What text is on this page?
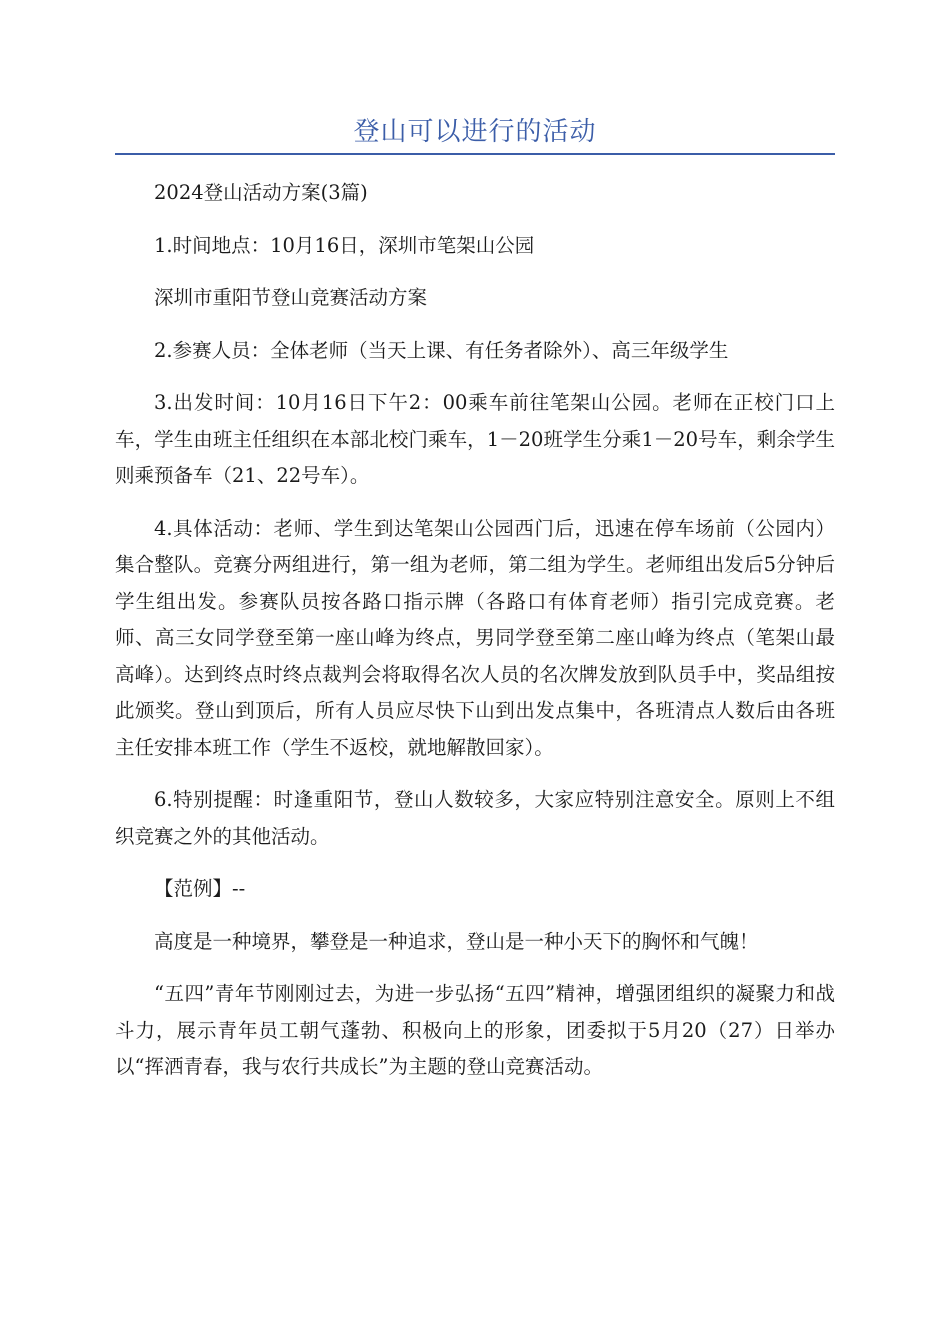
登山可以进行的活动

2024登山活动方案(3篇)

1.时间地点：10月16日，深圳市笔架山公园

深圳市重阳节登山竞赛活动方案

2.参赛人员：全体老师（当天上课、有任务者除外）、高三年级学生

3.出发时间：10月16日下午2：00乘车前往笔架山公园。老师在正校门口上车，学生由班主任组织在本部北校门乘车，1－20班学生分乘1－20号车，剩余学生则乘预备车（21、22号车）。

4.具体活动：老师、学生到达笔架山公园西门后，迅速在停车场前（公园内）集合整队。竞赛分两组进行，第一组为老师，第二组为学生。老师组出发后5分钟后学生组出发。参赛队员按各路口指示牌（各路口有体育老师）指引完成竞赛。老师、高三女同学登至第一座山峰为终点，男同学登至第二座山峰为终点（笔架山最高峰）。达到终点时终点裁判会将取得名次人员的名次牌发放到队员手中，奖品组按此颁奖。登山到顶后，所有人员应尽快下山到出发点集中，各班清点人数后由各班主任安排本班工作（学生不返校，就地解散回家）。

6.特别提醒：时逢重阳节，登山人数较多，大家应特别注意安全。原则上不组织竞赛之外的其他活动。

【范例】--

高度是一种境界，攀登是一种追求，登山是一种小天下的胸怀和气魄！

“五四”青年节刚刚过去，为进一步弘扬“五四”精神，增强团组织的凝聚力和战斗力，展示青年员工朝气蓬勃、积极向上的形象，团委拟于5月20（27）日举办以“挥洒青春，我与农行共成长”为主题的登山竞赛活动。
